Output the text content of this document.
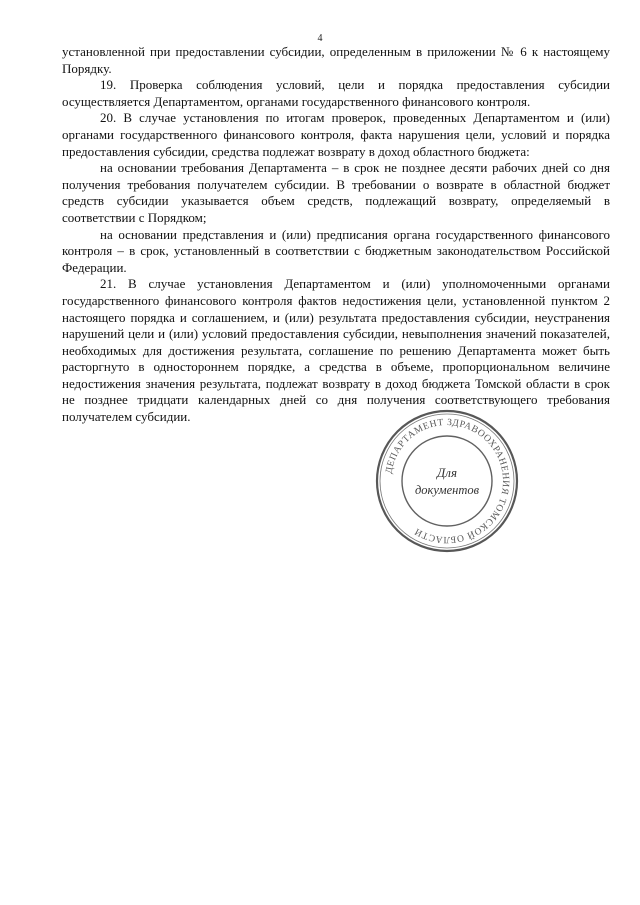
4

установленной при предоставлении субсидии, определенным в приложении № 6 к настоящему Порядку.

19. Проверка соблюдения условий, цели и порядка предоставления субсидии осуществляется Департаментом, органами государственного финансового контроля.

20. В случае установления по итогам проверок, проведенных Департаментом и (или) органами государственного финансового контроля, факта нарушения цели, условий и порядка предоставления субсидии, средства подлежат возврату в доход областного бюджета:

на основании требования Департамента – в срок не позднее десяти рабочих дней со дня получения требования получателем субсидии. В требовании о возврате в областной бюджет средств субсидии указывается объем средств, подлежащий возврату, определяемый в соответствии с Порядком;

на основании представления и (или) предписания органа государственного финансового контроля – в срок, установленный в соответствии с бюджетным законодательством Российской Федерации.

21. В случае установления Департаментом и (или) уполномоченными органами государственного финансового контроля фактов недостижения цели, установленной пунктом 2 настоящего порядка и соглашением, и (или) результата предоставления субсидии, неустранения нарушений цели и (или) условий предоставления субсидии, невыполнения значений показателей, необходимых для достижения результата, соглашение по решению Департамента может быть расторгнуто в одностороннем порядке, а средства в объеме, пропорциональном величине недостижения значения результата, подлежат возврату в доход бюджета Томской области в срок не позднее тридцати календарных дней со дня получения соответствующего требования получателем субсидии.

ДЕПАРТАМЕНТ ЗДРАВООХРАНЕНИЯ ТОМСКОЙ ОБЛАСТИ
Для
документов
